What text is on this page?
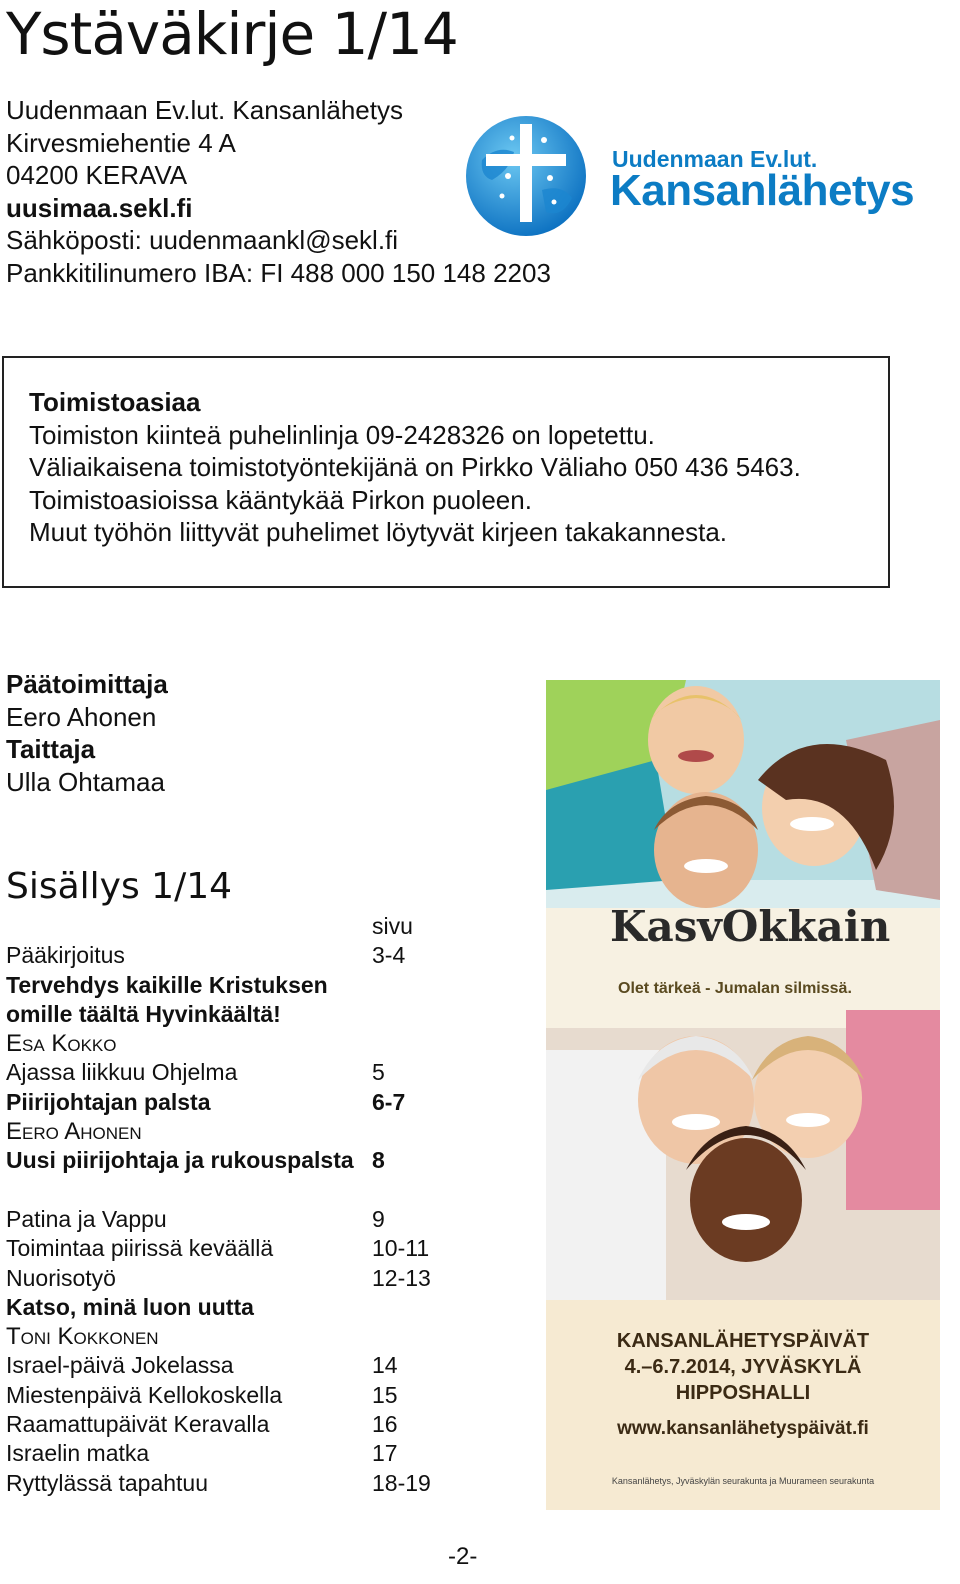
Ystäväkirje 1/14
Uudenmaan Ev.lut. Kansanlähetys
Kirvesmiehentie 4 A
04200 KERAVA
uusimaa.sekl.fi
Sähköposti: uudenmaankl@sekl.fi
Pankkitilinumero IBA: FI 488 000 150 148 2203
Uudenmaan Ev.lut.
Kansanlähetys
Toimistoasiaa
Toimiston kiinteä puhelinlinja 09-2428326 on lopetettu.
Väliaikaisena toimistotyöntekijänä on Pirkko Väliaho 050 436 5463.
Toimistoasioissa kääntykää Pirkon puoleen.
Muut työhön liittyvät puhelimet löytyvät kirjeen takakannesta.
Päätoimittaja
Eero Ahonen
Taittaja
Ulla Ohtamaa
Sisällys 1/14
sivu
Pääkirjoitus	3-4
Tervehdys kaikille Kristuksen
omille täältä Hyvinkäältä!
Esa Kokko
Ajassa liikkuu Ohjelma	5
Piirijohtajan palsta	6-7
Eero Ahonen
Uusi piirijohtaja ja rukouspalsta 8
Patina ja Vappu	9
Toimintaa piirissä keväällä	10-11
Nuorisotyö	12-13
Katso, minä luon uutta
Toni Kokkonen
Israel-päivä Jokelassa	14
Miestenpäivä Kellokoskella	15
Raamattupäivät Keravalla	16
Israelin matka	17
Ryttylässä tapahtuu	18-19
KasvOkkain
Olet tärkeä - Jumalan silmissä.
KANSANLÄHETYSPÄIVÄT
4.–6.7.2014, JYVÄSKYLÄ
HIPPOSHALLI
www.kansanlähetyspäivät.fi
Kansanlähetys, Jyväskylän seurakunta ja Muurameen seurakunta
-2-
